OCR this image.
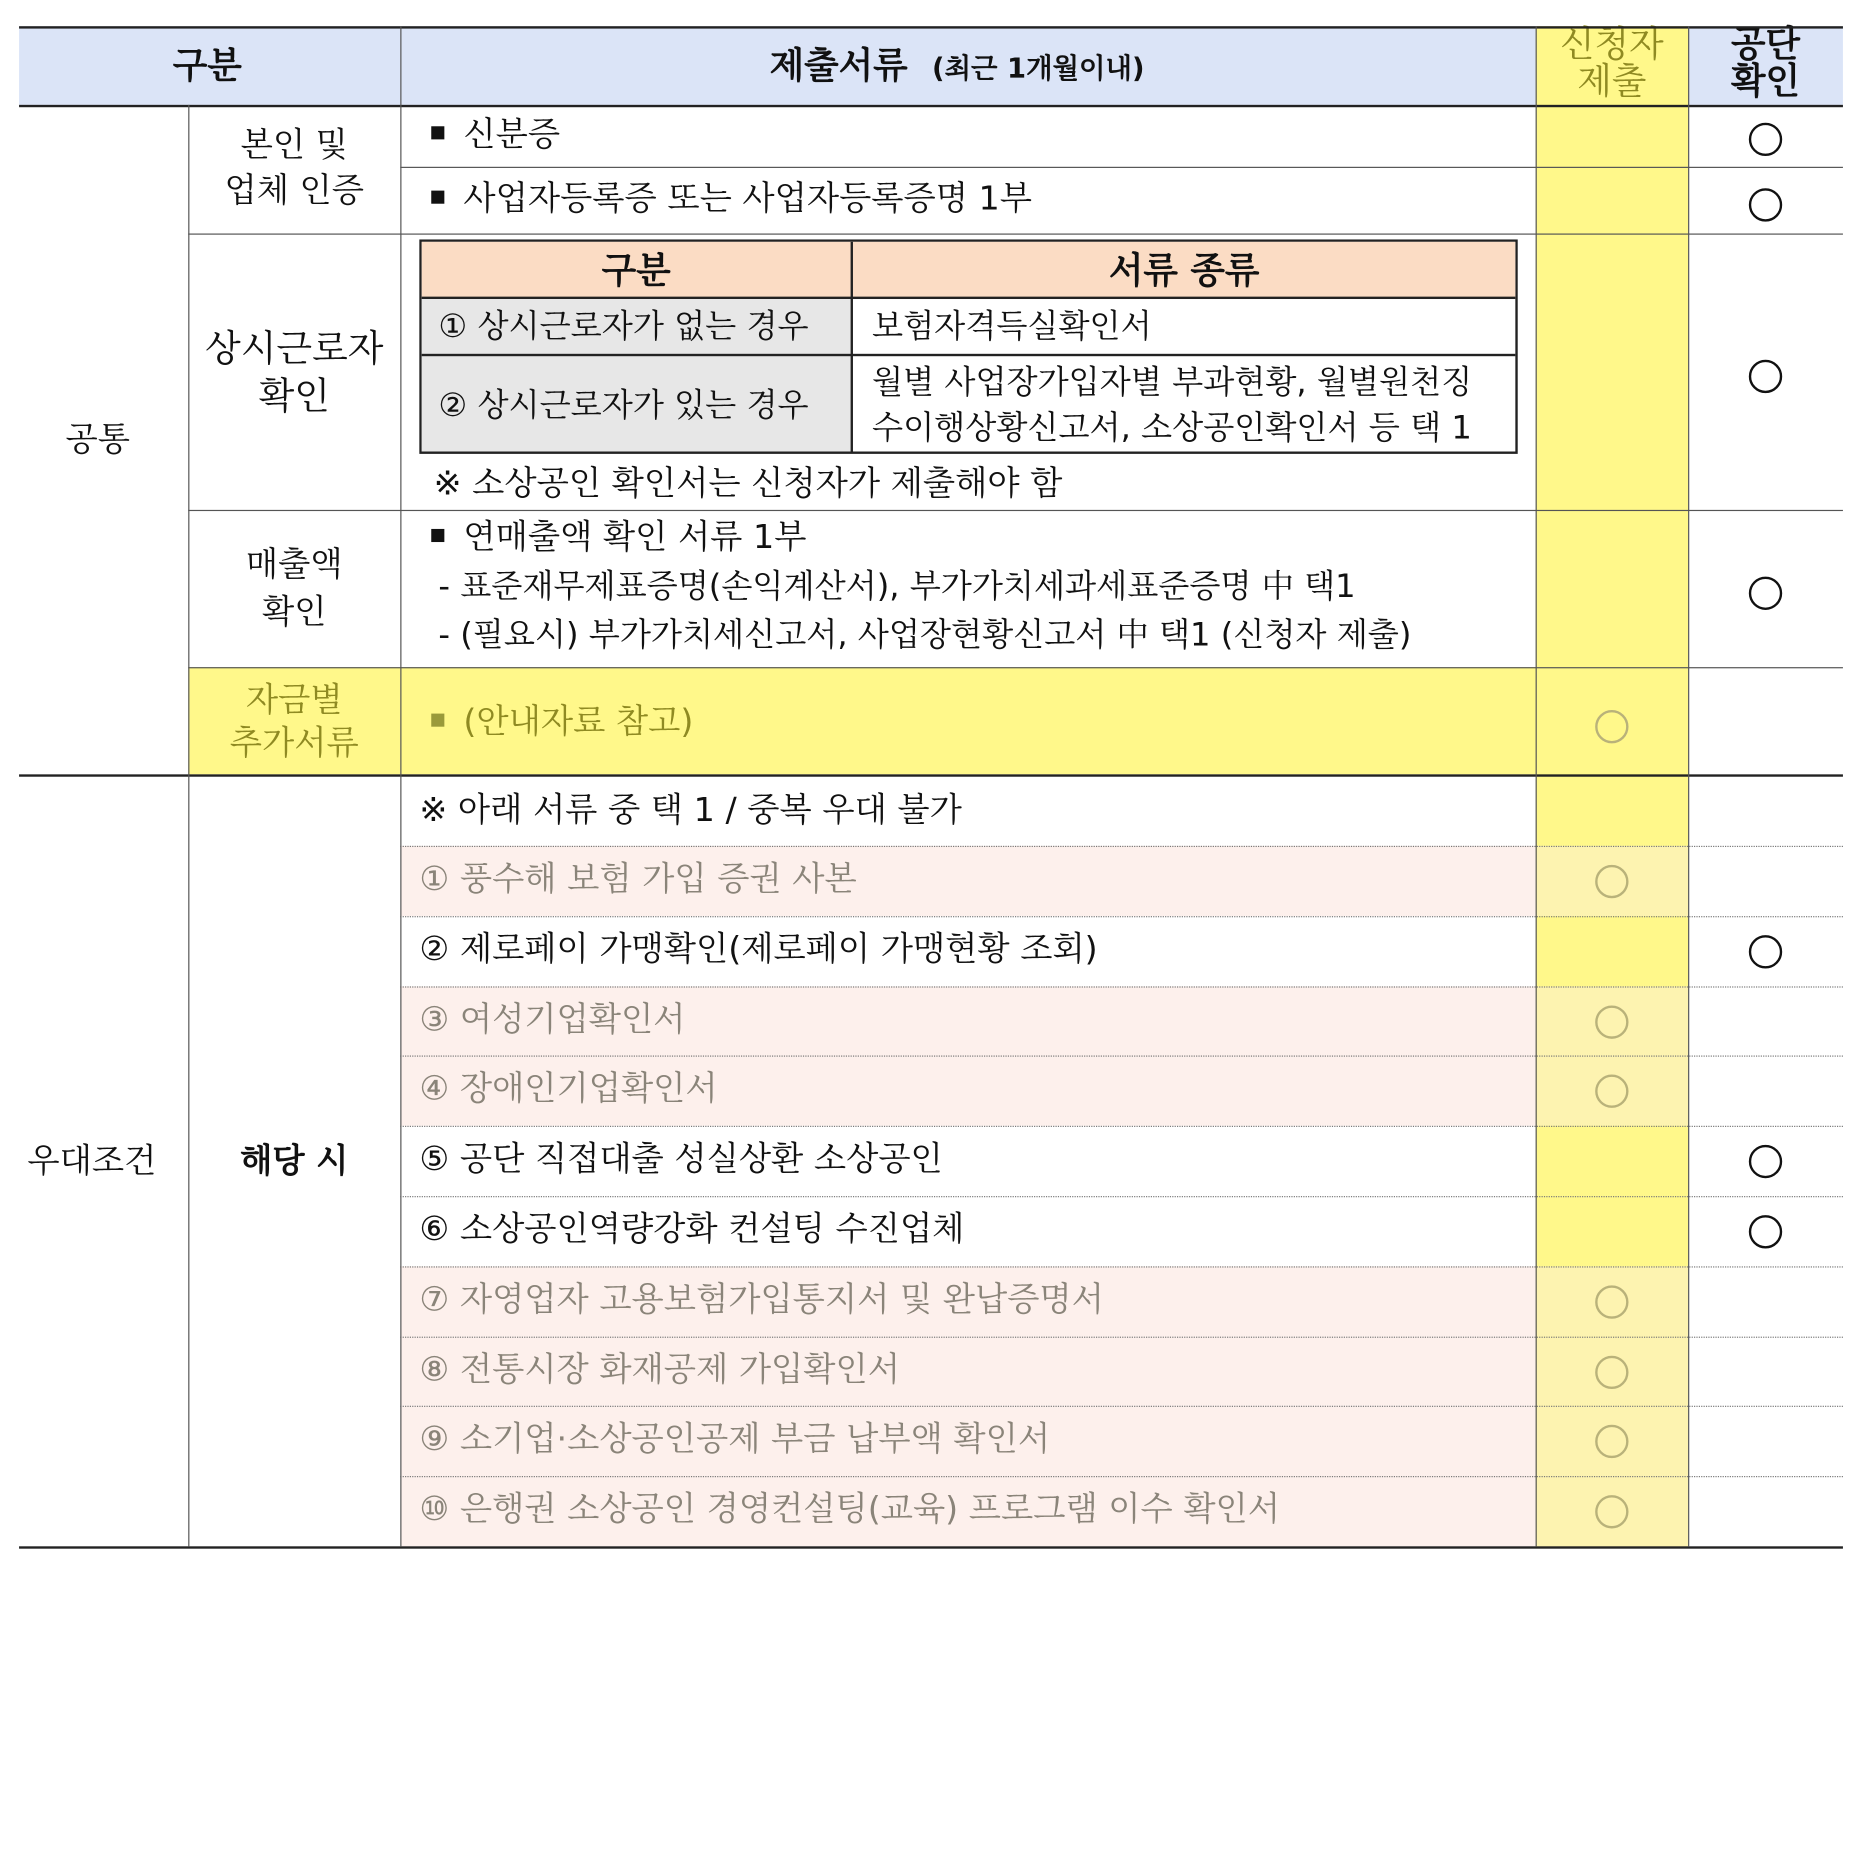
구분	제출서류 (최근 1개월이내)
신청자
제출
공단
확인
공통
우대조건
본인 및
업체 인증
상시근로자
확인
매출액
확인
자금별
추가서류
해당 시
신분증
사업자등록증 또는 사업자등록증명 1부
구분	서류 종류
① 상시근로자가 없는 경우 보험자격득실확인서
② 상시근로자가 있는 경우
월별 사업장가입자별 부과현황, 월별원천징
수이행상황신고서, 소상공인확인서 등 택 1
※ 소상공인 확인서는 신청자가 제출해야 함
연매출액 확인 서류 1부
- 표준재무제표증명(손익계산서), 부가가치세과세표준증명 中 택1
- (필요시) 부가가치세신고서, 사업장현황신고서 中 택1 (신청자 제출)
(안내자료 참고)
※ 아래 서류 중 택 1 / 중복 우대 불가
① 풍수해 보험 가입 증권 사본
② 제로페이 가맹확인(제로페이 가맹현황 조회)
③ 여성기업확인서
④ 장애인기업확인서
⑤ 공단 직접대출 성실상환 소상공인
⑥ 소상공인역량강화 컨설팅 수진업체
⑦ 자영업자 고용보험가입통지서 및 완납증명서
⑧ 전통시장 화재공제 가입확인서
⑨ 소기업·소상공인공제 부금 납부액 확인서
⑩ 은행권 소상공인 경영컨설팅(교육) 프로그램 이수 확인서
